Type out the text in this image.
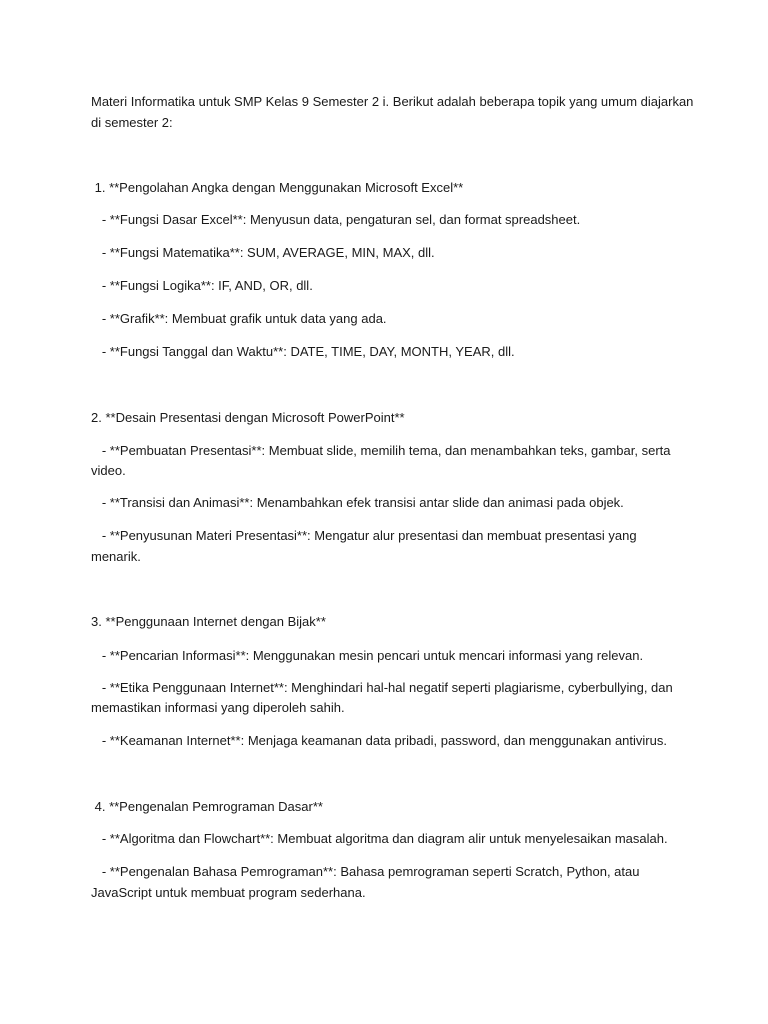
Materi Informatika untuk SMP Kelas 9 Semester 2 i. Berikut adalah beberapa topik yang umum diajarkan
di semester 2:
1. **Pengolahan Angka dengan Menggunakan Microsoft Excel**
- **Fungsi Dasar Excel**: Menyusun data, pengaturan sel, dan format spreadsheet.
- **Fungsi Matematika**: SUM, AVERAGE, MIN, MAX, dll.
- **Fungsi Logika**: IF, AND, OR, dll.
- **Grafik**: Membuat grafik untuk data yang ada.
- **Fungsi Tanggal dan Waktu**: DATE, TIME, DAY, MONTH, YEAR, dll.
2. **Desain Presentasi dengan Microsoft PowerPoint**
- **Pembuatan Presentasi**: Membuat slide, memilih tema, dan menambahkan teks, gambar, serta
video.
- **Transisi dan Animasi**: Menambahkan efek transisi antar slide dan animasi pada objek.
- **Penyusunan Materi Presentasi**: Mengatur alur presentasi dan membuat presentasi yang
menarik.
3. **Penggunaan Internet dengan Bijak**
- **Pencarian Informasi**: Menggunakan mesin pencari untuk mencari informasi yang relevan.
- **Etika Penggunaan Internet**: Menghindari hal-hal negatif seperti plagiarisme, cyberbullying, dan
memastikan informasi yang diperoleh sahih.
- **Keamanan Internet**: Menjaga keamanan data pribadi, password, dan menggunakan antivirus.
4. **Pengenalan Pemrograman Dasar**
- **Algoritma dan Flowchart**: Membuat algoritma dan diagram alir untuk menyelesaikan masalah.
- **Pengenalan Bahasa Pemrograman**: Bahasa pemrograman seperti Scratch, Python, atau
JavaScript untuk membuat program sederhana.
